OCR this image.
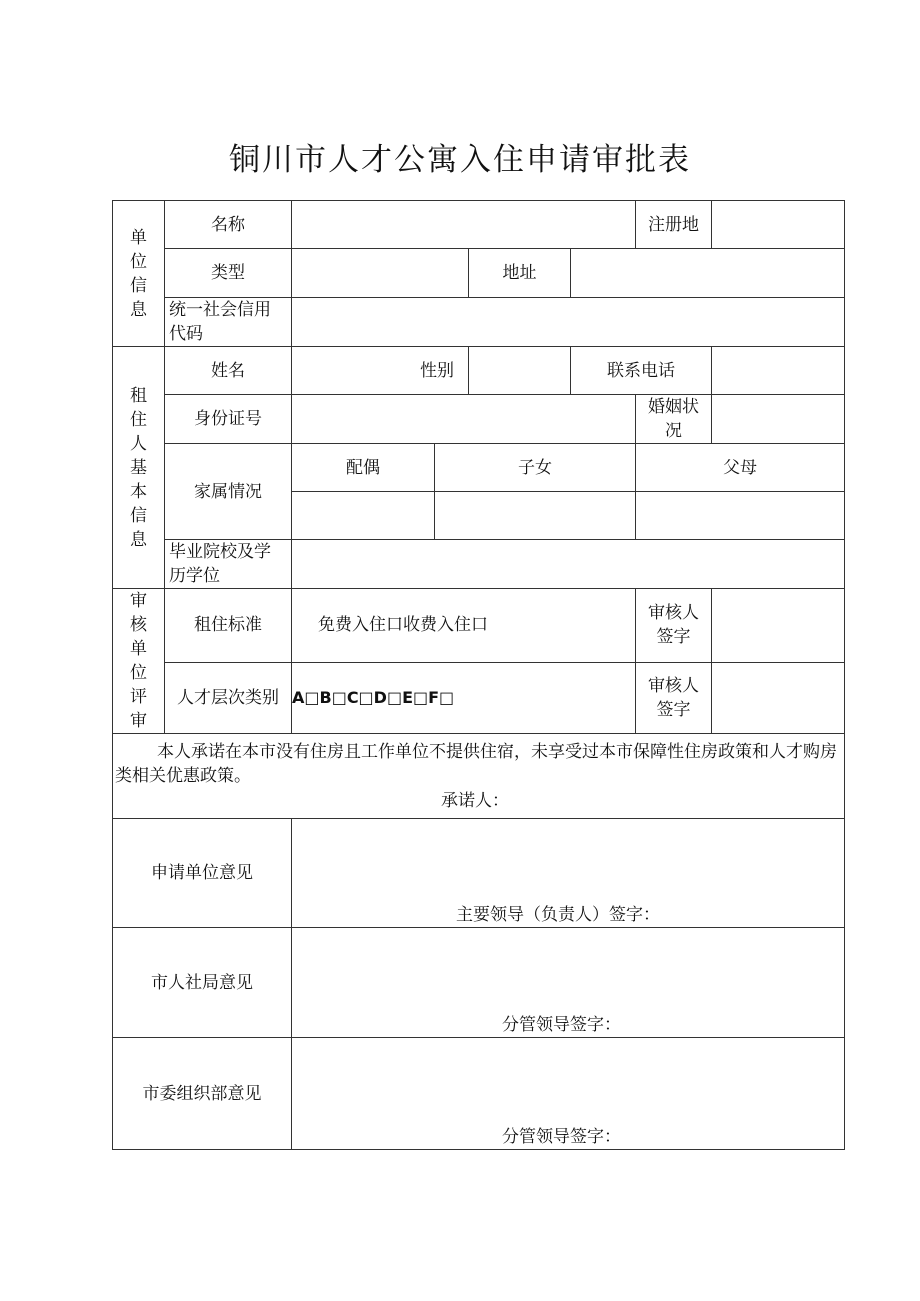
铜川市人才公寓入住申请审批表
单位信息	名称					注册地	
	类型			地址			
	统一社会信用代码						
租住人基本信息	姓名	性别			联系电话		
	身份证号					婚姻状况	
	家属情况	配偶	子女			父母	

	毕业院校及学历学位						
审核单位评审	租住标准	免费入住口收费入住口				审核人签字	
	人才层次类别	A□B□C□D□E□F□				审核人签字	

本人承诺在本市没有住房且工作单位不提供住宿，未享受过本市保障性住房政策和人才购房类相关优惠政策。
承诺人：							

申请单位意见		主要领导（负责人）签字：					

市人社局意见		分管领导签字：					

市委组织部意见		分管领导签字：					
